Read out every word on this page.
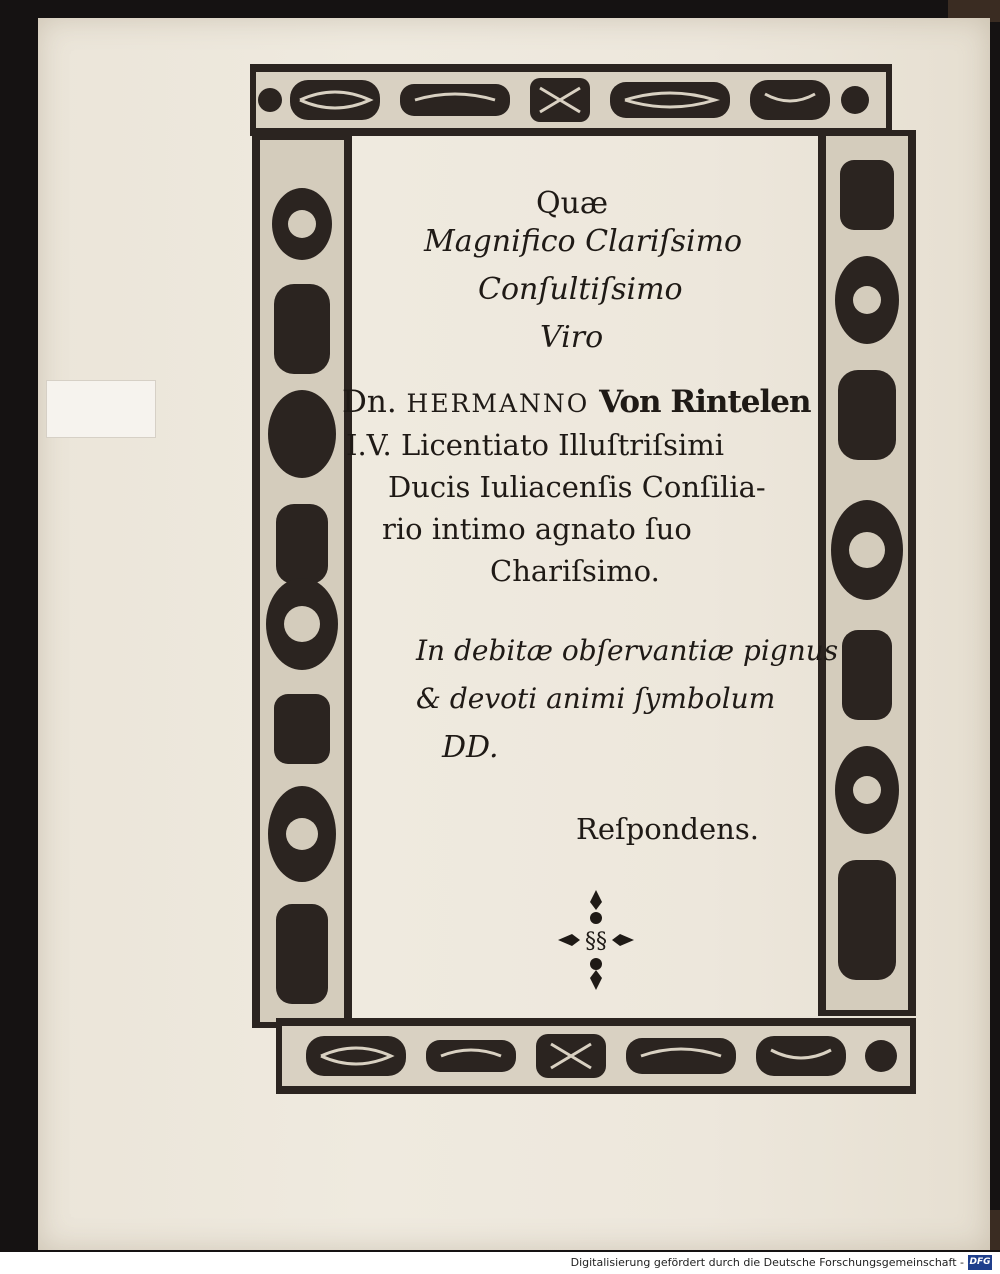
Quæ
Magnifico Clariſsimo
Conſultiſsimo
Viro
Dn. HERMANNO Von Rintelen
I.V. Licentiato Illuſtriſsimi
Ducis Iuliacenſis Conſilia-
rio intimo agnato ſuo
Chariſsimo.
In debitæ obſervantiæ pignus
& devoti animi ſymbolum
DD.
Reſpondens.
§§
Digitalisierung gefördert durch die Deutsche Forschungsgemeinschaft - DFG
